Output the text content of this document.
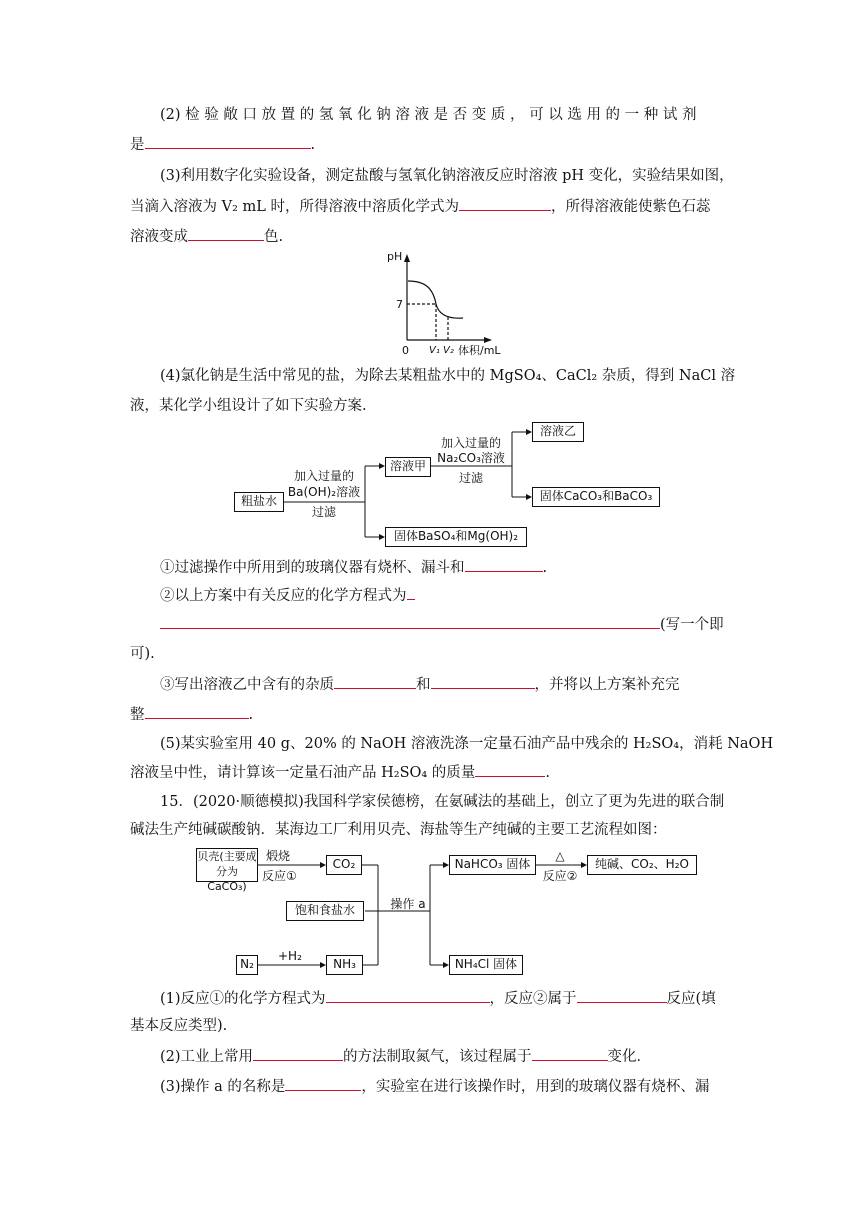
(2) 检 验 敞 口 放 置 的 氢 氧 化 钠 溶 液 是 否 变 质 ， 可 以 选 用 的 一 种 试 剂
是	.
(3)利用数字化实验设备，测定盐酸与氢氧化钠溶液反应时溶液 pH 变化，实验结果如图，
当滴入溶液为 V₂ mL 时，所得溶液中溶质化学式为	，所得溶液能使紫色石蕊
溶液变成	色.
pH
7
0 V₁ V₂ 体积/mL
(4)氯化钠是生活中常见的盐，为除去某粗盐水中的 MgSO₄、CaCl₂ 杂质，得到 NaCl 溶
液，某化学小组设计了如下实验方案.
粗盐水
加入过量的
Ba(OH)₂溶液
过滤
溶液甲
固体BaSO₄和Mg(OH)₂
加入过量的
Na₂CO₃溶液
过滤
溶液乙
固体CaCO₃和BaCO₃
①过滤操作中所用到的玻璃仪器有烧杯、漏斗和	.
②以上方案中有关反应的化学方程式为
(写一个即
可).
③写出溶液乙中含有的杂质	和	，并将以上方案补充完
整	.
(5)某实验室用 40 g、20% 的 NaOH 溶液洗涤一定量石油产品中残余的 H₂SO₄，消耗 NaOH
溶液呈中性，请计算该一定量石油产品 H₂SO₄ 的质量	.
15．(2020·顺德模拟)我国科学家侯德榜，在氨碱法的基础上，创立了更为先进的联合制
碱法生产纯碱碳酸钠．某海边工厂利用贝壳、海盐等生产纯碱的主要工艺流程如图：
贝壳(主要成
分为CaCO₃)
煅烧
反应①
CO₂
饱和食盐水	操作 a
N₂
+H₂
NH₃
NaHCO₃ 固体
△
反应②
纯碱、CO₂、H₂O
NH₄Cl 固体
(1)反应①的化学方程式为	，反应②属于	反应(填
基本反应类型).
(2)工业上常用	的方法制取氮气，该过程属于	变化．
(3)操作 a 的名称是	，实验室在进行该操作时，用到的玻璃仪器有烧杯、漏
